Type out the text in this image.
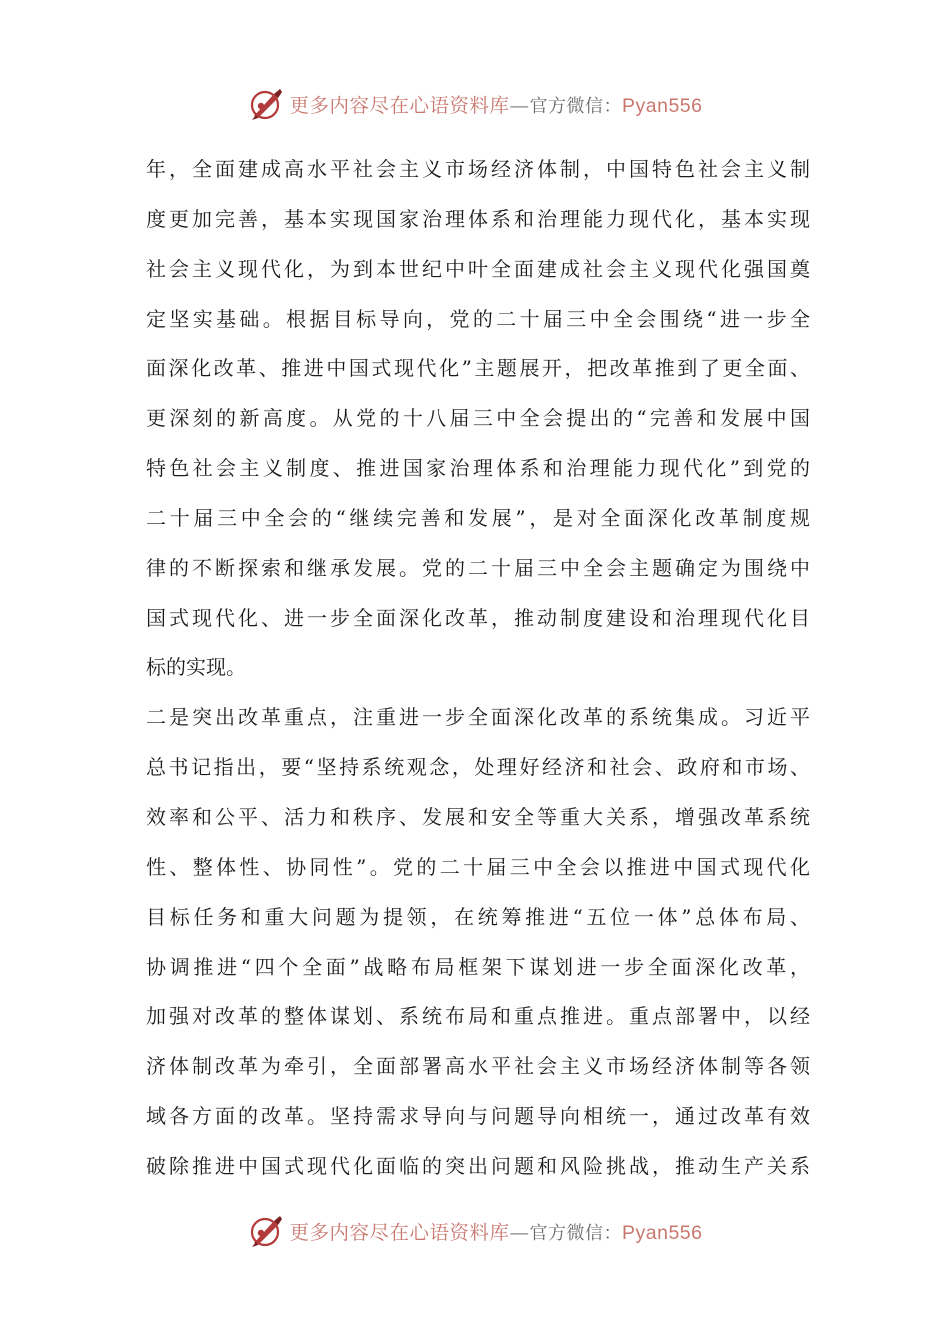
更多内容尽在心语资料库—官方微信：Pyan556
年，全面建成高水平社会主义市场经济体制，中国特色社会主义制
度更加完善，基本实现国家治理体系和治理能力现代化，基本实现
社会主义现代化，为到本世纪中叶全面建成社会主义现代化强国奠
定坚实基础。根据目标导向，党的二十届三中全会围绕“进一步全
面深化改革、推进中国式现代化”主题展开，把改革推到了更全面、
更深刻的新高度。从党的十八届三中全会提出的“完善和发展中国
特色社会主义制度、推进国家治理体系和治理能力现代化”到党的
二十届三中全会的“继续完善和发展”，是对全面深化改革制度规
律的不断探索和继承发展。党的二十届三中全会主题确定为围绕中
国式现代化、进一步全面深化改革，推动制度建设和治理现代化目
标的实现。
二是突出改革重点，注重进一步全面深化改革的系统集成。习近平
总书记指出，要“坚持系统观念，处理好经济和社会、政府和市场、
效率和公平、活力和秩序、发展和安全等重大关系，增强改革系统
性、整体性、协同性”。党的二十届三中全会以推进中国式现代化
目标任务和重大问题为提领，在统筹推进“五位一体”总体布局、
协调推进“四个全面”战略布局框架下谋划进一步全面深化改革，
加强对改革的整体谋划、系统布局和重点推进。重点部署中，以经
济体制改革为牵引，全面部署高水平社会主义市场经济体制等各领
域各方面的改革。坚持需求导向与问题导向相统一，通过改革有效
破除推进中国式现代化面临的突出问题和风险挑战，推动生产关系
更多内容尽在心语资料库—官方微信：Pyan556
